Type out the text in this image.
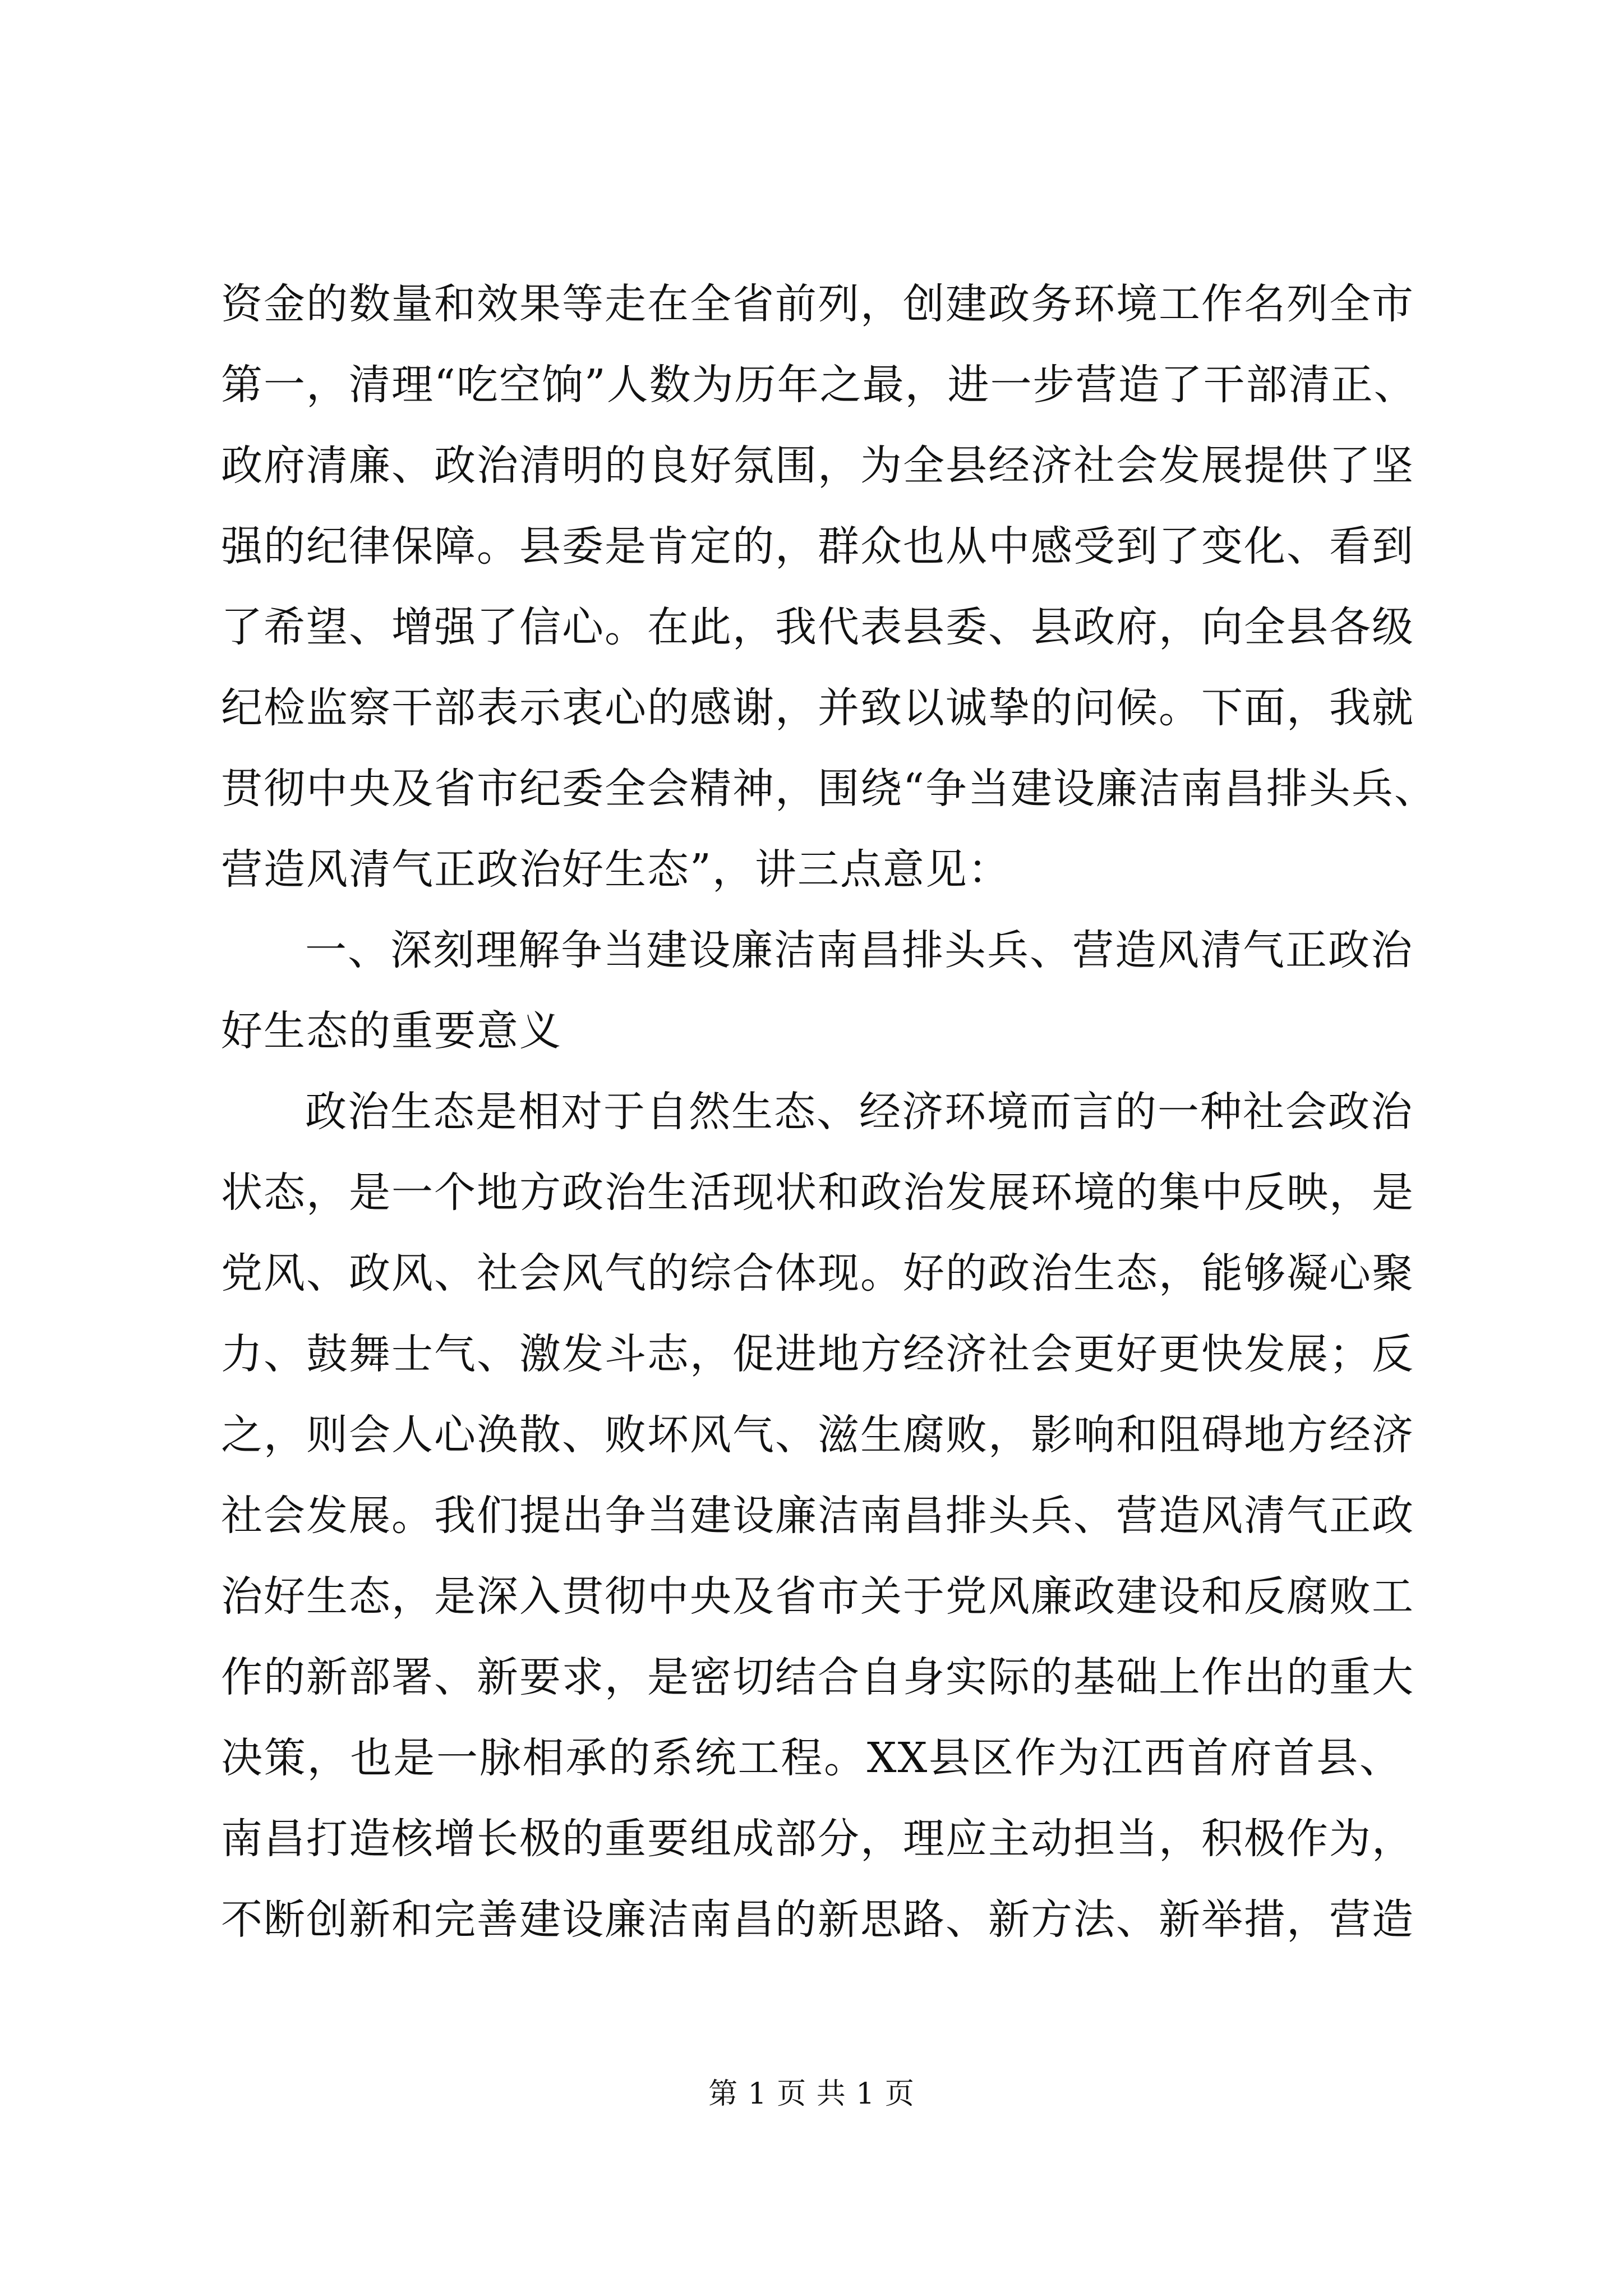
资金的数量和效果等走在全省前列，创建政务环境工作名列全市
第一，清理“吃空饷”人数为历年之最，进一步营造了干部清正、
政府清廉、政治清明的良好氛围，为全县经济社会发展提供了坚
强的纪律保障。县委是肯定的，群众也从中感受到了变化、看到
了希望、增强了信心。在此，我代表县委、县政府，向全县各级
纪检监察干部表示衷心的感谢，并致以诚挚的问候。下面，我就
贯彻中央及省市纪委全会精神，围绕“争当建设廉洁南昌排头兵、
营造风清气正政治好生态”，讲三点意见：
一、深刻理解争当建设廉洁南昌排头兵、营造风清气正政治
好生态的重要意义
政治生态是相对于自然生态、经济环境而言的一种社会政治
状态，是一个地方政治生活现状和政治发展环境的集中反映，是
党风、政风、社会风气的综合体现。好的政治生态，能够凝心聚
力、鼓舞士气、激发斗志，促进地方经济社会更好更快发展；反
之，则会人心涣散、败坏风气、滋生腐败，影响和阻碍地方经济
社会发展。我们提出争当建设廉洁南昌排头兵、营造风清气正政
治好生态，是深入贯彻中央及省市关于党风廉政建设和反腐败工
作的新部署、新要求，是密切结合自身实际的基础上作出的重大
决策，也是一脉相承的系统工程。XX县区作为江西首府首县、
南昌打造核增长极的重要组成部分，理应主动担当，积极作为，
不断创新和完善建设廉洁南昌的新思路、新方法、新举措，营造
第 1 页 共 1 页
